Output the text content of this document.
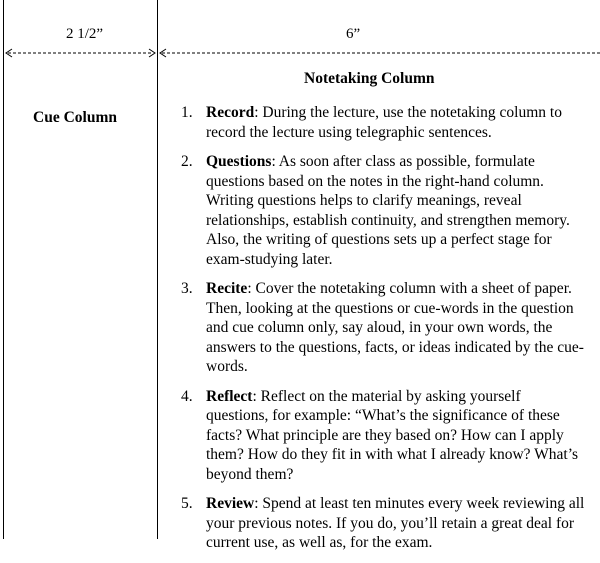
2 1/2”	6”
Cue Column
Notetaking Column
1. Record: During the lecture, use the notetaking column to record the lecture using telegraphic sentences.
2. Questions: As soon after class as possible, formulate questions based on the notes in the right-hand column. Writing questions helps to clarify meanings, reveal relationships, establish continuity, and strengthen memory. Also, the writing of questions sets up a perfect stage for exam-studying later.
3. Recite: Cover the notetaking column with a sheet of paper. Then, looking at the questions or cue-words in the question and cue column only, say aloud, in your own words, the answers to the questions, facts, or ideas indicated by the cue-words.
4. Reflect: Reflect on the material by asking yourself questions, for example: “What’s the significance of these facts? What principle are they based on? How can I apply them? How do they fit in with what I already know? What’s beyond them?
5. Review: Spend at least ten minutes every week reviewing all your previous notes. If you do, you’ll retain a great deal for current use, as well as, for the exam.
